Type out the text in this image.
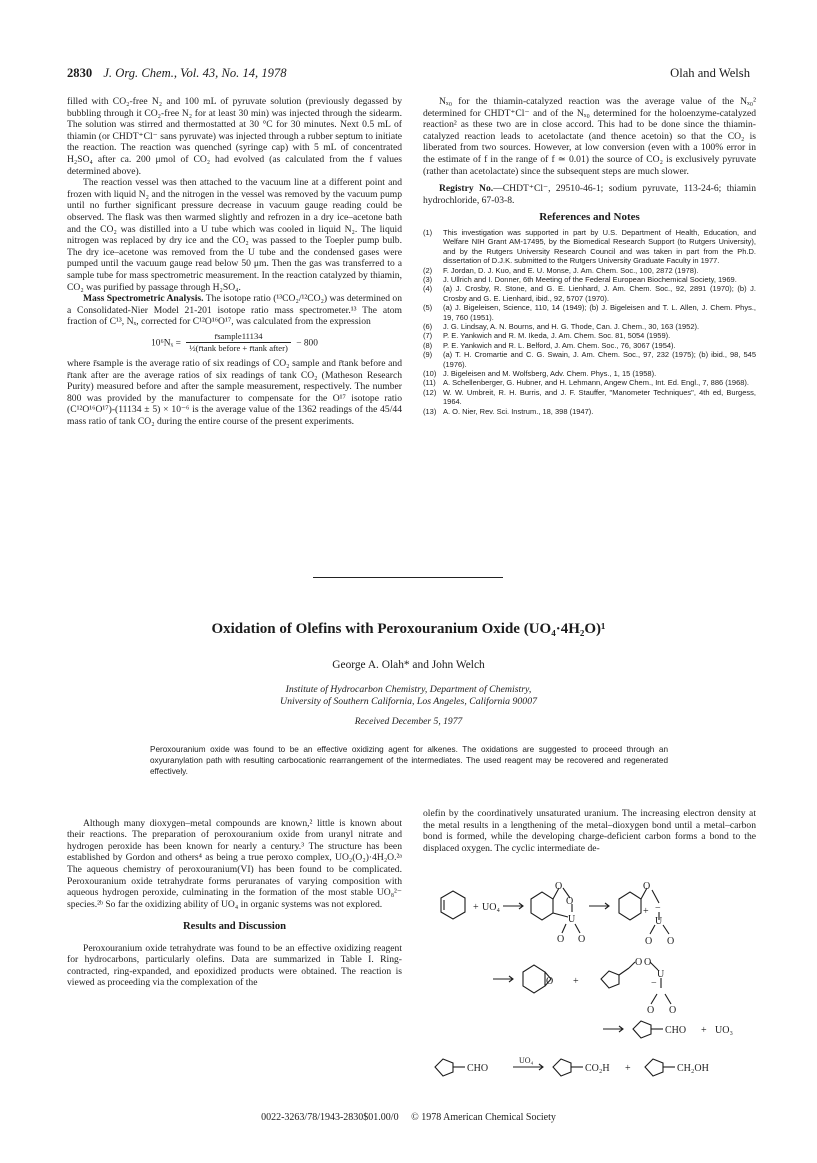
2830 J. Org. Chem., Vol. 43, No. 14, 1978	Olah and Welsh

filled with CO₂-free N₂ and 100 mL of pyruvate solution (previously degassed by bubbling through it CO₂-free N₂ for at least 30 min) was injected through the sidearm. The solution was stirred and thermostatted at 30 °C for 30 minutes. Next 0.5 mL of thiamin (or CHDT⁺Cl⁻ sans pyruvate) was injected through a rubber septum to initiate the reaction. The reaction was quenched (syringe cap) with 5 mL of concentrated H₂SO₄ after ca. 200 μmol of CO₂ had evolved (as calculated from the f values determined above).

The reaction vessel was then attached to the vacuum line at a different point and frozen with liquid N₂ and the nitrogen in the vessel was removed by the vacuum pump until no further significant pressure decrease in vacuum gauge reading could be observed. The flask was then warmed slightly and refrozen in a dry ice–acetone bath and the CO₂ was distilled into a U tube which was cooled in liquid N₂. The liquid nitrogen was replaced by dry ice and the CO₂ was passed to the Toepler pump bulb. The dry ice–acetone was removed from the U tube and the condensed gases were pumped until the vacuum gauge read below 50 μm. Then the gas was transferred to a sample tube for mass spectrometric measurement. In the reaction catalyzed by thiamin, CO₂ was purified by passage through H₂SO₄.

Mass Spectrometric Analysis. The isotope ratio (¹³CO₂/¹²CO₂) was determined on a Consolidated-Nier Model 21-201 isotope ratio mass spectrometer.¹³ The atom fraction of C¹³, Nₓ, corrected for C¹²O¹⁶O¹⁷, was calculated from the expression

$10^6N_x = \frac{\text{r̄sample11134}}{\text{½(r̄tank before + r̄tank after)}} - 800$

where r̄sample is the average ratio of six readings of CO₂ sample and r̄tank before and r̄tank after are the average ratios of six readings of tank CO₂ (Matheson Research Purity) measured before and after the sample measurement, respectively. The number 800 was provided by the manufacturer to compensate for the O¹⁷ isotope ratio (C¹²O¹⁶O¹⁷)-(11134 ± 5) × 10⁻⁶ is the average value of the 1362 readings of the 45/44 mass ratio of tank CO₂ during the entire course of the present experiments.

Nₓ₀ for the thiamin-catalyzed reaction was the average value of the Nₓ₀² determined for CHDT⁺Cl⁻ and of the Nₓ₀ determined for the holoenzyme-catalyzed reaction² as these two are in close accord. This had to be done since the thiamin-catalyzed reaction leads to acetolactate (and thence acetoin) so that the CO₂ is liberated from two sources. However, at low conversion (even with a 100% error in the estimate of f in the range of f ≃ 0.01) the source of CO₂ is exclusively pyruvate (rather than acetolactate) since the subsequent steps are much slower.

Registry No.—CHDT⁺Cl⁻, 29510-46-1; sodium pyruvate, 113-24-6; thiamin hydrochloride, 67-03-8.

References and Notes
(1)	This investigation was supported in part by U.S. Department of Health, Education, and Welfare NIH Grant AM-17495, by the Biomedical Research Support (to Rutgers University), and by the Rutgers University Research Council and was taken in part from the Ph.D. dissertation of D.J.K. submitted to the Rutgers University Graduate Faculty in 1977.
(2)	F. Jordan, D. J. Kuo, and E. U. Monse, J. Am. Chem. Soc., 100, 2872 (1978).
(3)	J. Ullrich and I. Donner, 6th Meeting of the Federal European Biochemical Society, 1969.
(4)	(a) J. Crosby, R. Stone, and G. E. Lienhard, J. Am. Chem. Soc., 92, 2891 (1970); (b) J. Crosby and G. E. Lienhard, ibid., 92, 5707 (1970).
(5)	(a) J. Bigeleisen, Science, 110, 14 (1949); (b) J. Bigeleisen and T. L. Allen, J. Chem. Phys., 19, 760 (1951).
(6)	J. G. Lindsay, A. N. Bourns, and H. G. Thode, Can. J. Chem., 30, 163 (1952).
(7)	P. E. Yankwich and R. M. Ikeda, J. Am. Chem. Soc. 81, 5054 (1959).
(8)	P. E. Yankwich and R. L. Belford, J. Am. Chem. Soc., 76, 3067 (1954).
(9)	(a) T. H. Cromartie and C. G. Swain, J. Am. Chem. Soc., 97, 232 (1975); (b) ibid., 98, 545 (1976).
(10) J. Bigeleisen and M. Wolfsberg, Adv. Chem. Phys., 1, 15 (1958).
(11) A. Schellenberger, G. Hubner, and H. Lehmann, Angew Chem., Int. Ed. Engl., 7, 886 (1968).
(12) W. W. Umbreit, R. H. Burris, and J. F. Stauffer, "Manometer Techniques", 4th ed, Burgess, 1964.
(13) A. O. Nier, Rev. Sci. Instrum., 18, 398 (1947).
Oxidation of Olefins with Peroxouranium Oxide (UO₄·4H₂O)¹
George A. Olah* and John Welch
Institute of Hydrocarbon Chemistry, Department of Chemistry,
University of Southern California, Los Angeles, California 90007
Received December 5, 1977
Peroxouranium oxide was found to be an effective oxidizing agent for alkenes. The oxidations are suggested to proceed through an oxyuranylation path with resulting carbocationic rearrangement of the intermediates. The used reagent may be recovered and regenerated effectively.

Although many dioxygen–metal compounds are known,² little is known about their reactions. The preparation of peroxouranium oxide from uranyl nitrate and hydrogen peroxide has been known for nearly a century.³ The structure has been established by Gordon and others⁴ as being a true peroxo complex, UO₂(O₂)·4H₂O.²ᵃ The aqueous chemistry of peroxouranium(VI) has been found to be complicated. Peroxouranium oxide tetrahydrate forms peruranates of varying composition with aqueous hydrogen peroxide, culminating in the formation of the most stable UO₈²⁻ species.²ᵇ So far the oxidizing ability of UO₄ in organic systems was not explored.

Results and Discussion

Peroxouranium oxide tetrahydrate was found to be an effective oxidizing reagent for hydrocarbons, particularly olefins. Data are summarized in Table I. Ring-contracted, ring-expanded, and epoxidized products were obtained. The reaction is viewed as proceeding via the complexation of the

olefin by the coordinatively unsaturated uranium. The increasing electron density at the metal results in a lengthening of the metal–dioxygen bond until a metal–carbon bond is formed, while the developing charge-deficient carbon forms a bond to the displaced oxygen. The cyclic intermediate de-
+ UO₄
O
O
U
O O
O
+ −
U
O O
O +
O O
−
U
O O
CHO + UO₃
CHO
UO₄
CO₂H +	CH₂OH
0022-3263/78/1943-2830$01.00/0 © 1978 American Chemical Society
